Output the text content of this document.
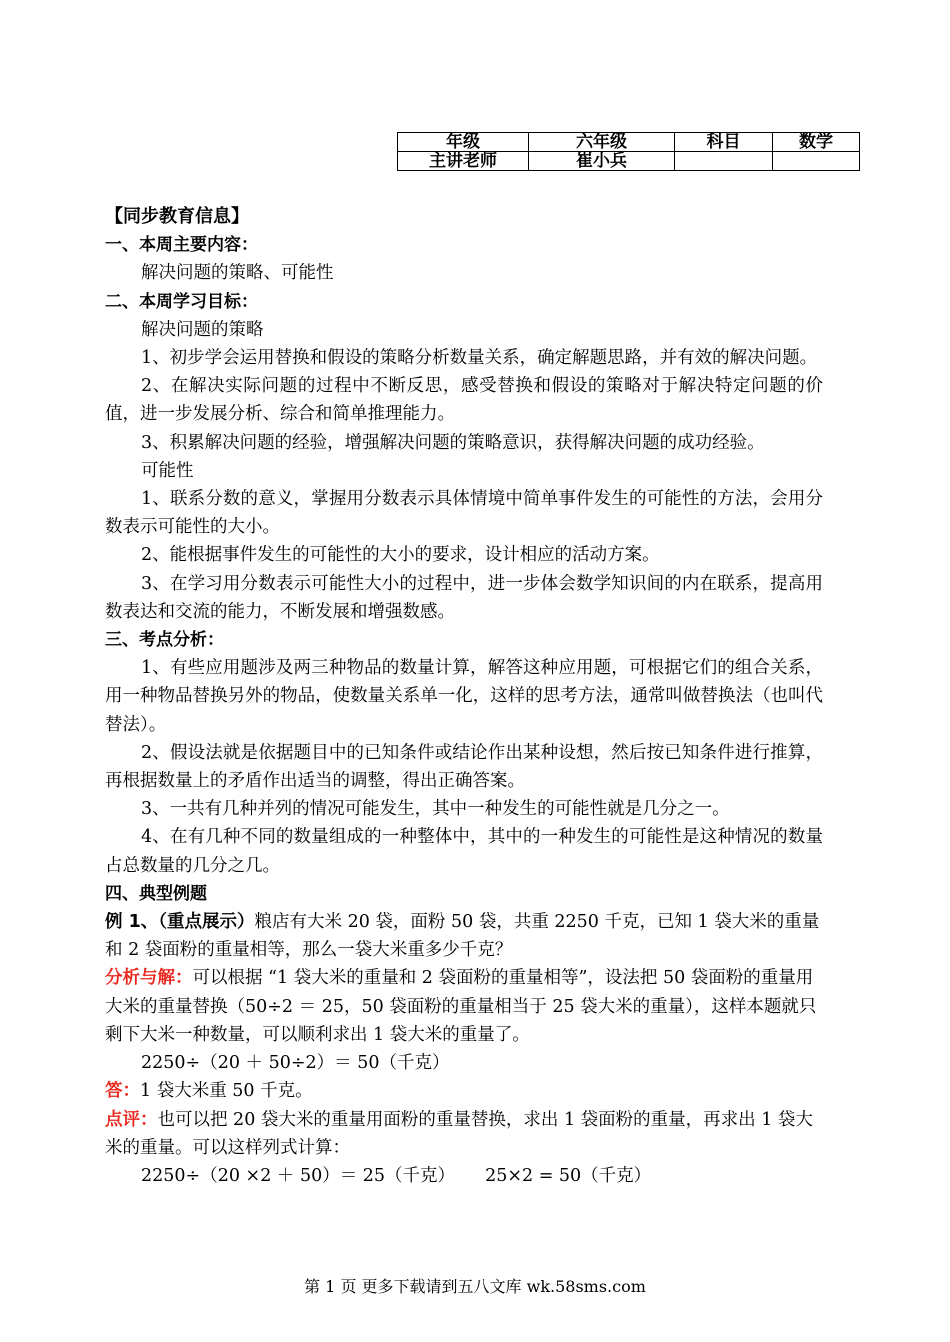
年级	六年级	科目	数学
主讲老师	崔小兵		

【同步教育信息】

一、本周主要内容：

解决问题的策略、可能性

二、本周学习目标：

解决问题的策略

1、初步学会运用替换和假设的策略分析数量关系，确定解题思路，并有效的解决问题。

2、在解决实际问题的过程中不断反思，感受替换和假设的策略对于解决特定问题的价值，进一步发展分析、综合和简单推理能力。

3、积累解决问题的经验，增强解决问题的策略意识，获得解决问题的成功经验。

可能性

1、联系分数的意义，掌握用分数表示具体情境中简单事件发生的可能性的方法，会用分数表示可能性的大小。

2、能根据事件发生的可能性的大小的要求，设计相应的活动方案。

3、在学习用分数表示可能性大小的过程中，进一步体会数学知识间的内在联系，提高用数表达和交流的能力，不断发展和增强数感。

三、考点分析：

1、有些应用题涉及两三种物品的数量计算，解答这种应用题，可根据它们的组合关系，用一种物品替换另外的物品，使数量关系单一化，这样的思考方法，通常叫做替换法（也叫代替法）。

2、假设法就是依据题目中的已知条件或结论作出某种设想，然后按已知条件进行推算，再根据数量上的矛盾作出适当的调整，得出正确答案。

3、一共有几种并列的情况可能发生，其中一种发生的可能性就是几分之一。

4、在有几种不同的数量组成的一种整体中，其中的一种发生的可能性是这种情况的数量占总数量的几分之几。

四、典型例题

例 1、（重点展示）粮店有大米 20 袋，面粉 50 袋，共重 2250 千克，已知 1 袋大米的重量和 2 袋面粉的重量相等，那么一袋大米重多少千克？

分析与解：可以根据 “1 袋大米的重量和 2 袋面粉的重量相等”，设法把 50 袋面粉的重量用大米的重量替换（50÷2 ＝ 25，50 袋面粉的重量相当于 25 袋大米的重量），这样本题就只剩下大米一种数量，可以顺利求出 1 袋大米的重量了。

2250÷（20 ＋ 50÷2）＝ 50（千克）

答：1 袋大米重 50 千克。

点评：也可以把 20 袋大米的重量用面粉的重量替换，求出 1 袋面粉的重量，再求出 1 袋大米的重量。可以这样列式计算：

2250÷（20 ×2 ＋ 50）＝ 25（千克） 25×2 = 50（千克）

第 1 页 更多下载请到五八文库 wk.58sms.com
